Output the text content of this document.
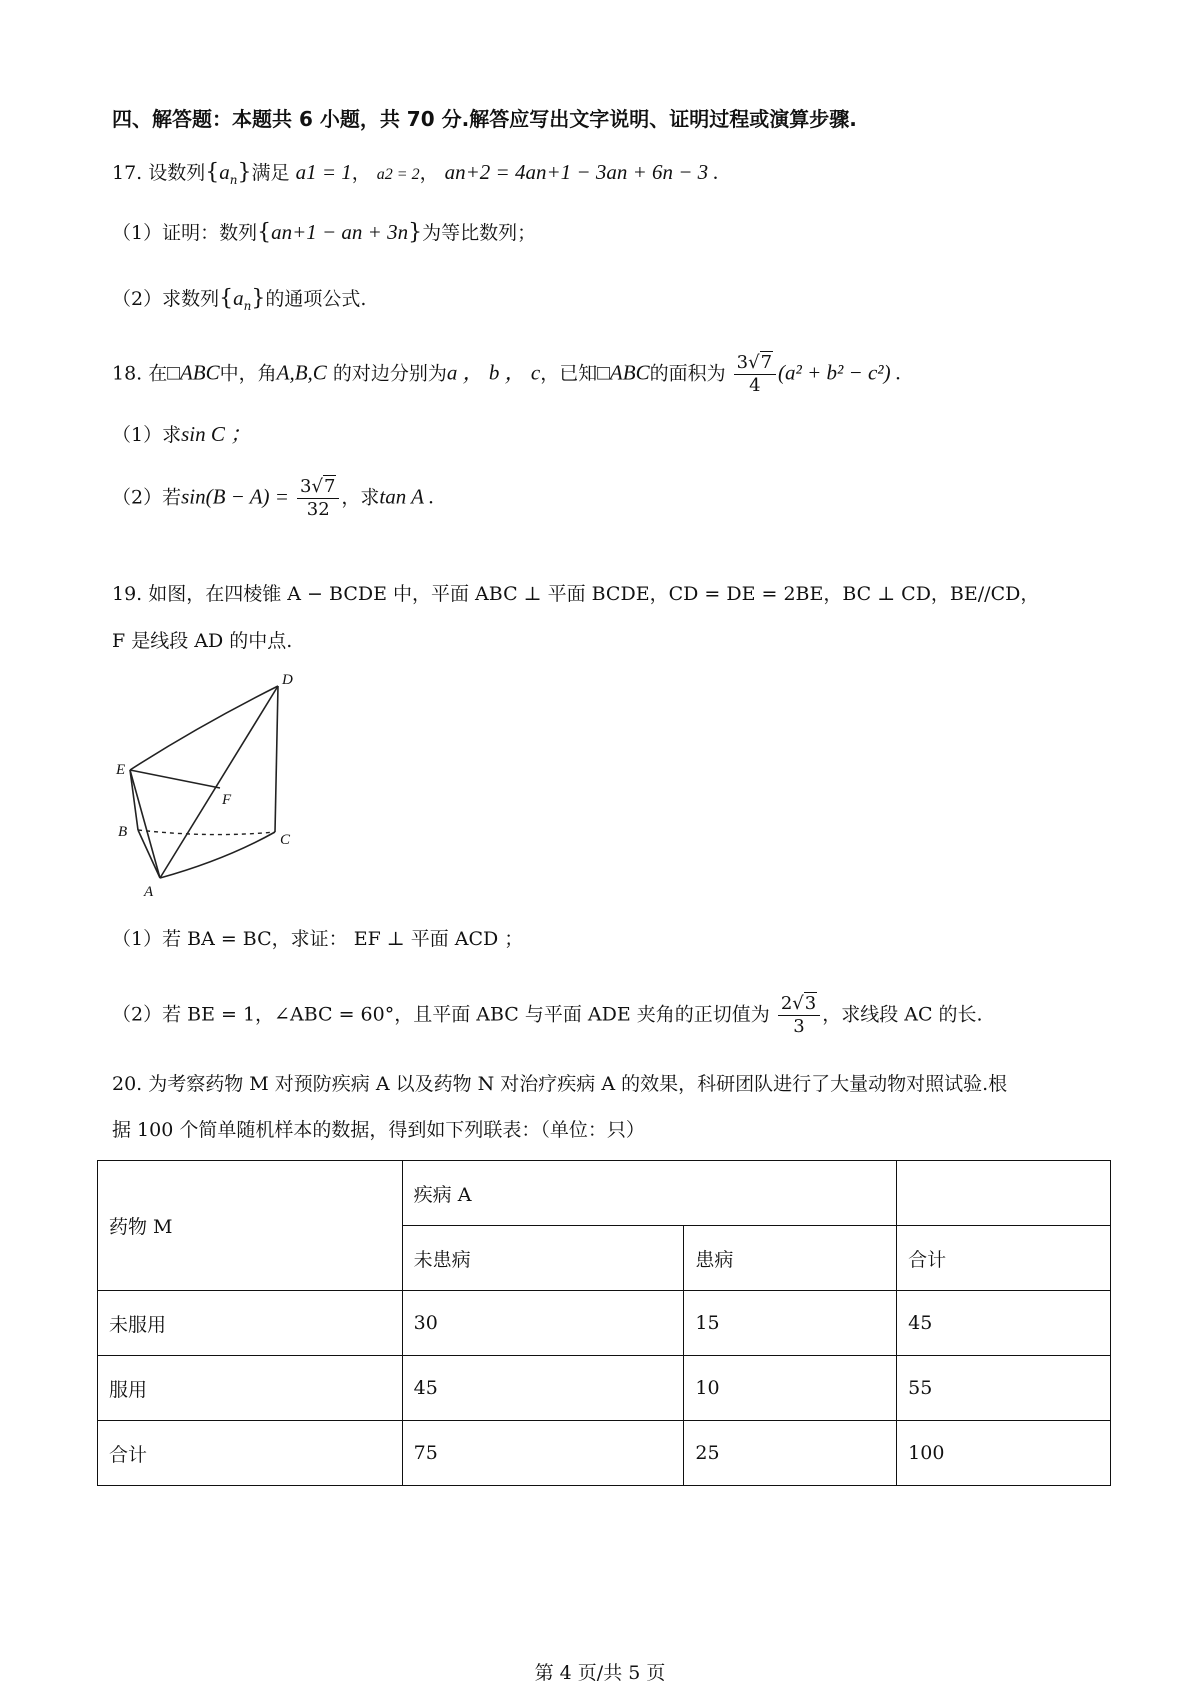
四、解答题：本题共 6 小题，共 70 分.解答应写出文字说明、证明过程或演算步骤.
17. 设数列$\{a_n\}$满足 a1 = 1， a2 = 2， an+2 = 4an+1 − 3an + 6n − 3 .
（1）证明：数列{an+1 − an + 3n}为等比数列；
（2）求数列$\{a_n\}$的通项公式.
18. 在□ABC中，角A,B,C 的对边分别为a ， b ， c，已知□ABC的面积为 $\frac{3√7}{4} (a^2 + b^2 - c^2)$ .
（1）求sin C ；
（2）若$\sin(B - A) = \frac{3√7}{32}$ ，求tan A .
19. 如图，在四棱锥 A − BCDE 中，平面 ABC ⊥ 平面 BCDE，CD = DE = 2BE，BC ⊥ CD，BE//CD，
F 是线段 AD 的中点.
D
E
F
B	C
A
（1）若 BA = BC，求证： EF ⊥ 平面 ACD ；
（2）若 BE = 1，∠ABC = 60°，且平面 ABC 与平面 ADE 夹角的正切值为 $\frac{2√3}{3}$ ，求线段 AC 的长.
20. 为考察药物 M 对预防疾病 A 以及药物 N 对治疗疾病 A 的效果，科研团队进行了大量动物对照试验.根
据 100 个简单随机样本的数据，得到如下列联表：（单位：只）
药物 M	疾病 A		
	未患病	患病	合计
未服用	30	15	45
服用	45	10	55
合计	75	25	100
第 4 页/共 5 页
